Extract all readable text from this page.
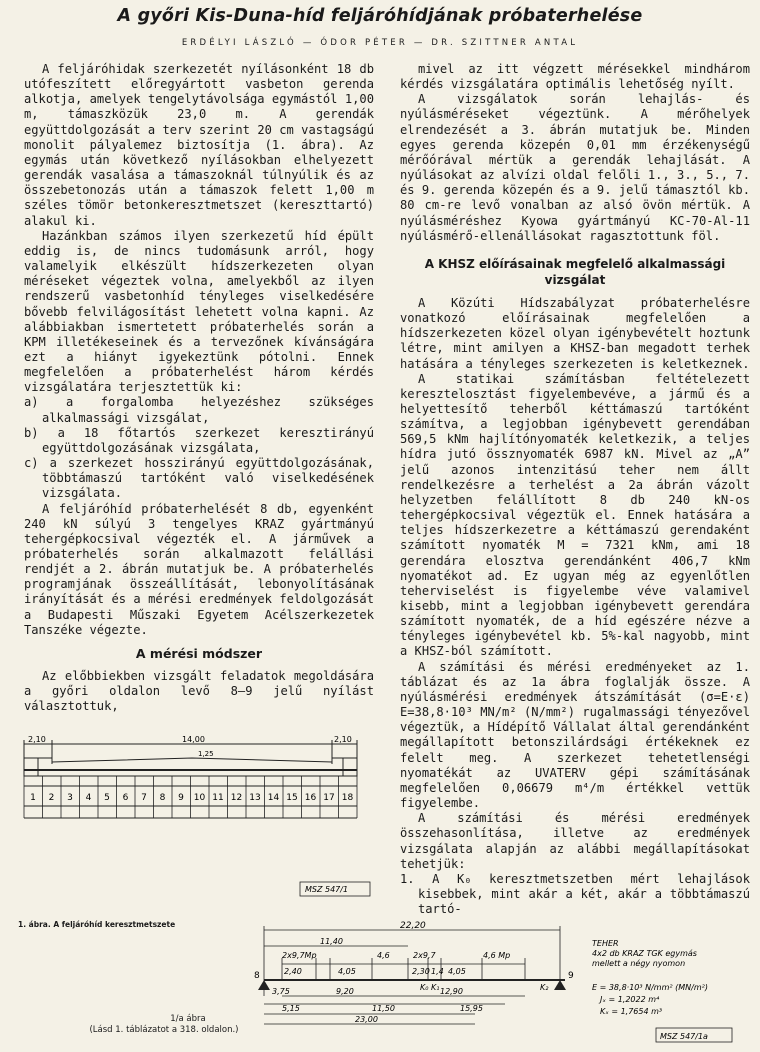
A győri Kis-Duna-híd feljáróhídjának próbaterhelése
ERDÉLYI LÁSZLÓ — ÓDOR PÉTER — DR. SZITTNER ANTAL

A feljáróhidak szerkezetét nyílásonként 18 db utófeszített előregyártott vasbeton gerenda alkotja, amelyek tengelytávolsága egymástól 1,00 m, támaszközük 23,0 m. A gerendák együttdolgozását a terv szerint 20 cm vastagságú monolit pályalemez biztosítja (1. ábra). Az egymás után következő nyílásokban elhelyezett gerendák vasalása a támaszoknál túlnyúlik és az összebetonozás után a támaszok felett 1,00 m széles tömör betonkeresztmetszet (kereszttartó) alakul ki.

Hazánkban számos ilyen szerkezetű híd épült eddig is, de nincs tudomásunk arról, hogy valamelyik elkészült hídszerkezeten olyan méréseket végeztek volna, amelyekből az ilyen rendszerű vasbetonhíd tényleges viselkedésére bővebb felvilágosítást lehetett volna kapni. Az alábbiakban ismertetett próbaterhelés során a KPM illetékeseinek és a tervezőnek kívánságára ezt a hiányt igyekeztünk pótolni. Ennek megfelelően a próbaterhelést három kérdés vizsgálatára terjesztettük ki:

a) a forgalomba helyezéshez szükséges alkalmassági vizsgálat,

b) a 18 főtartós szerkezet keresztirányú együttdolgozásának vizsgálata,

c) a szerkezet hosszirányú együttdolgozásának, többtámaszú tartóként való viselkedésének vizsgálata.

A feljáróhíd próbaterhelését 8 db, egyenként 240 kN súlyú 3 tengelyes KRAZ gyártmányú tehergépkocsival végezték el. A járművek a próbaterhelés során alkalmazott felállási rendjét a 2. ábrán mutatjuk be. A próbaterhelés programjának összeállítását, lebonyolításának irányítását és a mérési eredmények feldolgozását a Budapesti Műszaki Egyetem Acélszerkezetek Tanszéke végezte.

A mérési módszer

Az előbbiekben vizsgált feladatok megoldására a győri oldalon levő 8—9 jelű nyílást választottuk,

mivel az itt végzett mérésekkel mindhárom kérdés vizsgálatára optimális lehetőség nyílt.

A vizsgálatok során lehajlás- és nyúlásméréseket végeztünk. A mérőhelyek elrendezését a 3. ábrán mutatjuk be. Minden egyes gerenda közepén 0,01 mm érzékenységű mérőórával mértük a gerendák lehajlását. A nyúlásokat az alvízi oldal felőli 1., 3., 5., 7. és 9. gerenda közepén és a 9. jelű támasztól kb. 80 cm-re levő vonalban az alsó övön mértük. A nyúlásméréshez Kyowa gyártmányú KC-70-Al-11 nyúlásmérő-ellenállásokat ragasztottunk föl.

A KHSZ előírásainak megfelelő alkalmassági vizsgálat

A Közúti Hídszabályzat próbaterhelésre vonatkozó előírásainak megfelelően a hídszerkezeten közel olyan igénybevételt hoztunk létre, mint amilyen a KHSZ-ban megadott terhek hatására a tényleges szerkezeten is keletkeznek.

A statikai számításban feltételezett keresztelosztást figyelembevéve, a jármű és a helyettesítő teherből kéttámaszú tartóként számítva, a legjobban igénybevett gerendában 569,5 kNm hajlítónyomaték keletkezik, a teljes hídra jutó össznyomaték 6987 kN. Mivel az „A” jelű azonos intenzitású teher nem állt rendelkezésre a terhelést a 2a ábrán vázolt helyzetben felállított 8 db 240 kN-os tehergépkocsival végeztük el. Ennek hatására a teljes hídszerkezetre a kéttámaszú gerendaként számított nyomaték M = 7321 kNm, ami 18 gerendára elosztva gerendánként 406,7 kNm nyomatékot ad. Ez ugyan még az egyenlőtlen teherviselést is figyelembe véve valamivel kisebb, mint a legjobban igénybevett gerendára számított nyomaték, de a híd egészére nézve a tényleges igénybevétel kb. 5%-kal nagyobb, mint a KHSZ-ból számított.

A számítási és mérési eredményeket az 1. táblázat és az 1a ábra foglalják össze. A nyúlásmérési eredmények átszámítását (σ=E·ε) E=38,8·10³ MN/m² (N/mm²) rugalmassági tényezővel végeztük, a Hídépítő Vállalat által gerendánként megállapított betonszilárdsági értékeknek ez felelt meg. A szerkezet tehetetlenségi nyomatékát az UVATERV gépi számításának megfelelően 0,06679 m⁴/m értékkel vettük figyelembe.

A számítási és mérési eredmények összehasonlítása, illetve az eredmények vizsgálata alapján az alábbi megállapításokat tehetjük:

1. A K₀ keresztmetszetben mért lehajlások kisebbek, mint akár a két, akár a többtámaszú tartó-

2,10	14,00	2,10
1,25
1 2 3 4 5 6 7 8 9 10 11 12 13 14 15 16 17 18
MSZ 547/1
1. ábra. A feljáróhíd keresztmetszete	22,20
11,40
2x9,7Mp	4,6	2x9,7	4,6 Mp
2,40	4,05	2,30 1,4 4,05
3,75	9,20	12,90
5,15	11,50	15,95
23,00
8	9
K₀ K₁	K₂
TEHER
4x2 db KRAZ TGK egymás
mellett a négy nyomon
E = 38,8·10³ N/mm² (MN/m²)
Jₓ = 1,2022 m⁴
Kₓ = 1,7654 m³
MSZ 547/1a
1/a ábra
(Lásd 1. táblázatot a 318. oldalon.)
